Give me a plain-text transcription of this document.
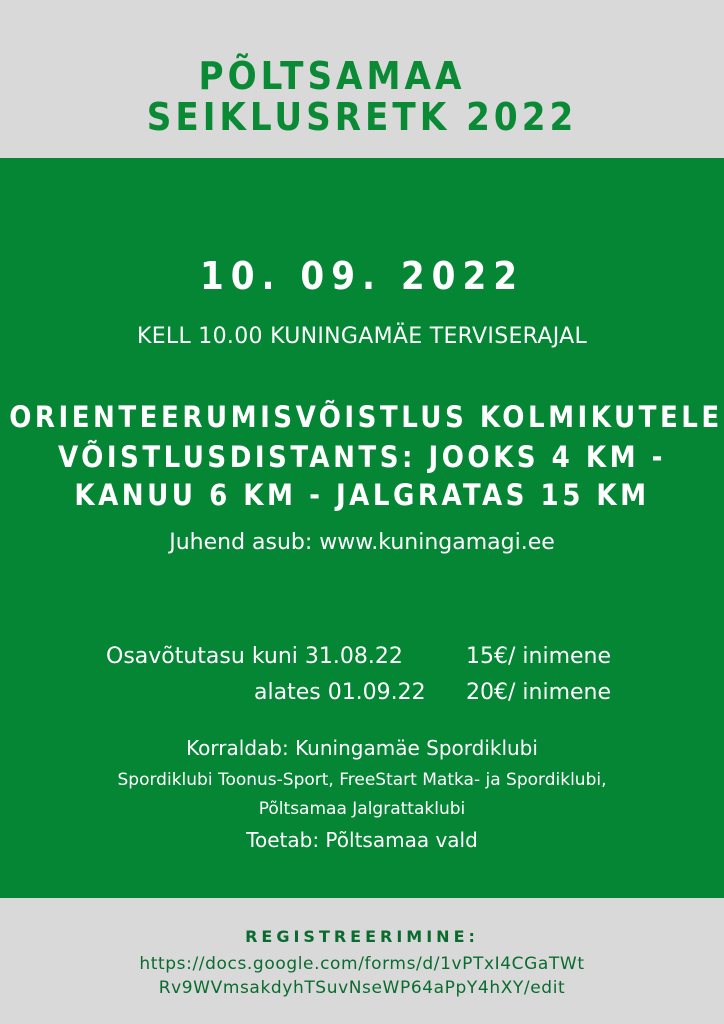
PÕLTSAMAA
SEIKLUSRETK 2022
10. 09. 2022
KELL 10.00 KUNINGAMÄE TERVISERAJAL
ORIENTEERUMISVÕISTLUS KOLMIKUTELE
VÕISTLUSDISTANTS: JOOKS 4 KM -
KANUU 6 KM - JALGRATAS 15 KM
Juhend asub: www.kuningamagi.ee
Osavõtutasu kuni 31.08.22	15€/ inimene
alates 01.09.22 20€/ inimene
Korraldab: Kuningamäe Spordiklubi
Spordiklubi Toonus-Sport, FreeStart Matka- ja Spordiklubi,
Põltsamaa Jalgrattaklubi
Toetab: Põltsamaa vald
REGISTREERIMINE:
https://docs.google.com/forms/d/1vPTxI4CGaTWt
Rv9WVmsakdyhTSuvNseWP64aPpY4hXY/edit
